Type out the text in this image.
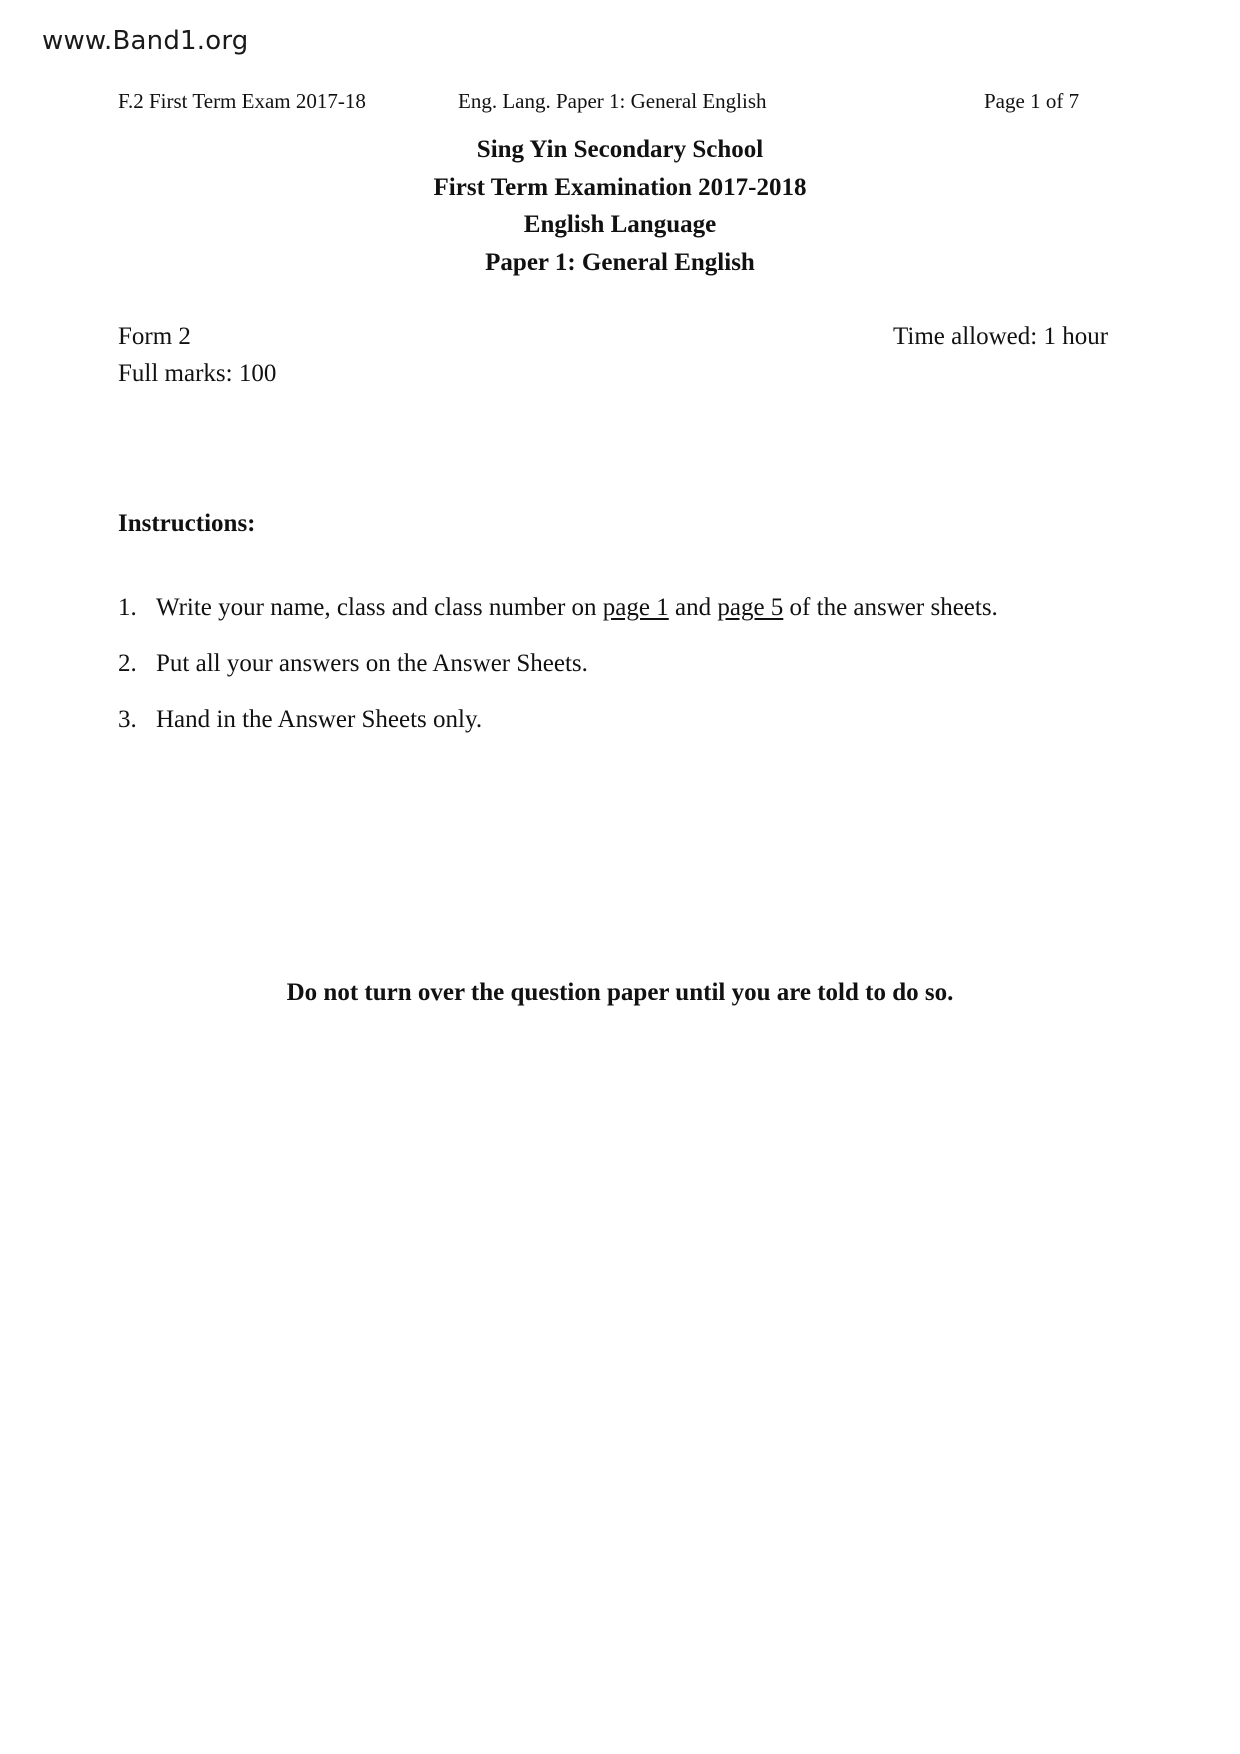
www.Band1.org
F.2 First Term Exam 2017-18	Eng. Lang. Paper 1: General English	Page 1 of 7
Sing Yin Secondary School
First Term Examination 2017-2018
English Language
Paper 1: General English
Form 2
Full marks: 100
Time allowed: 1 hour
Instructions:
1. Write your name, class and class number on page 1 and page 5 of the answer sheets.
2. Put all your answers on the Answer Sheets.
3. Hand in the Answer Sheets only.
Do not turn over the question paper until you are told to do so.
